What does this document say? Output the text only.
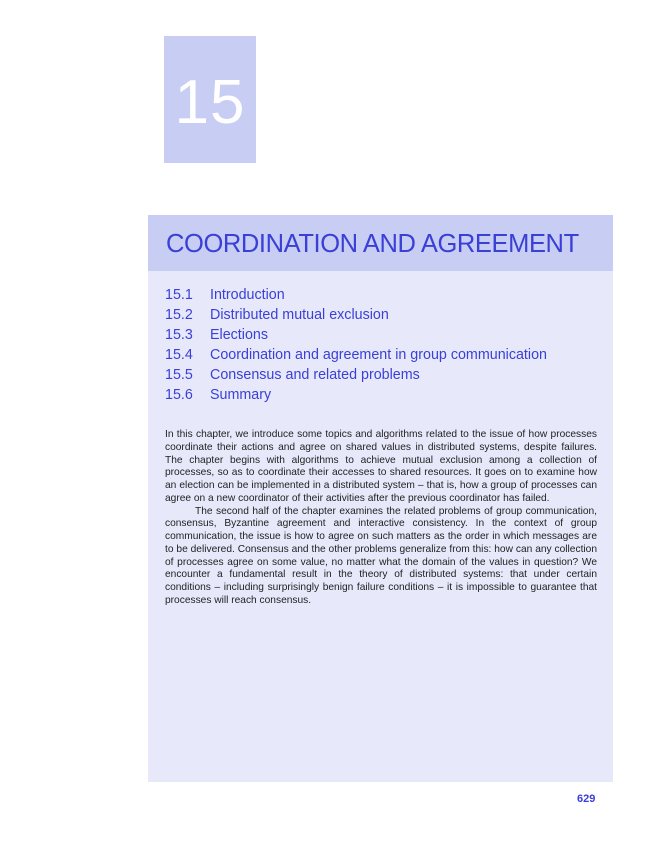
15
COORDINATION AND AGREEMENT
15.1 Introduction
15.2 Distributed mutual exclusion
15.3 Elections
15.4 Coordination and agreement in group communication
15.5 Consensus and related problems
15.6 Summary

In this chapter, we introduce some topics and algorithms related to the issue of how processes coordinate their actions and agree on shared values in distributed systems, despite failures. The chapter begins with algorithms to achieve mutual exclusion among a collection of processes, so as to coordinate their accesses to shared resources. It goes on to examine how an election can be implemented in a distributed system – that is, how a group of processes can agree on a new coordinator of their activities after the previous coordinator has failed.

The second half of the chapter examines the related problems of group communication, consensus, Byzantine agreement and interactive consistency. In the context of group communication, the issue is how to agree on such matters as the order in which messages are to be delivered. Consensus and the other problems generalize from this: how can any collection of processes agree on some value, no matter what the domain of the values in question? We encounter a fundamental result in the theory of distributed systems: that under certain conditions – including surprisingly benign failure conditions – it is impossible to guarantee that processes will reach consensus.

629
